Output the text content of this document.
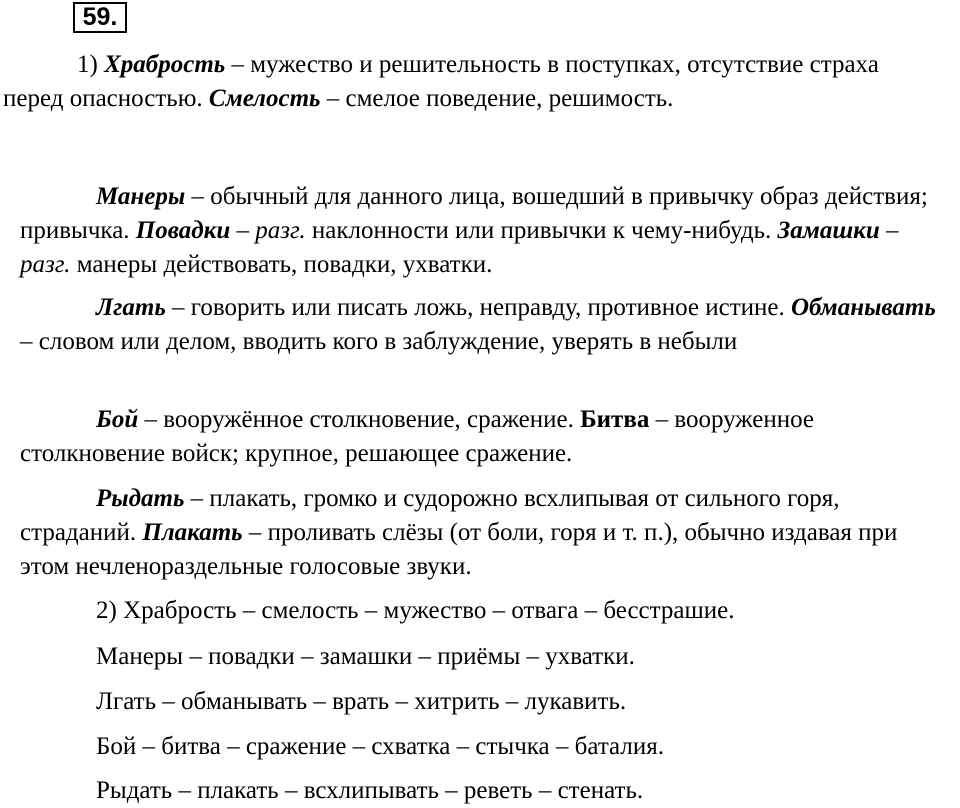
59.

1) Храбрость – мужество и решительность в поступках, отсутствие страха перед опасностью. Смелость – смелое поведение, решимость.

Манеры – обычный для данного лица, вошедший в привычку образ действия; привычка. Повадки – разг. наклонности или привычки к чему-нибудь. Замашки – разг. манеры действовать, повадки, ухватки.

Лгать – говорить или писать ложь, неправду, противное истине. Обманывать – словом или делом, вводить кого в заблуждение, уверять в небыли

Бой – вооружённое столкновение, сражение. Битва – вооруженное столкновение войск; крупное, решающее сражение.

Рыдать – плакать, громко и судорожно всхлипывая от сильного горя, страданий. Плакать – проливать слёзы (от боли, горя и т. п.), обычно издавая при этом нечленораздельные голосовые звуки.

2) Храбрость – смелость – мужество – отвага – бесстрашие.

Манеры – повадки – замашки – приёмы – ухватки.

Лгать – обманывать – врать – хитрить – лукавить.

Бой – битва – сражение – схватка – стычка – баталия.

Рыдать – плакать – всхлипывать – реветь – стенать.
